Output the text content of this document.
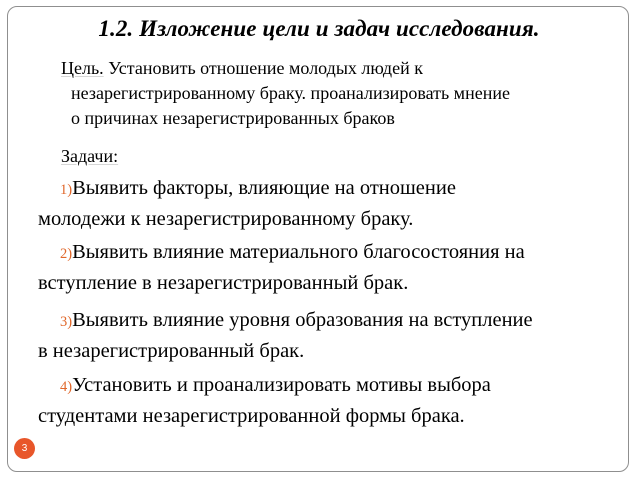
1.2. Изложение цели и задач исследования.
Цель. Установить отношение молодых людей к
незарегистрированному браку. проанализировать мнение
о причинах незарегистрированных браков
Задачи:
1)Выявить факторы, влияющие на отношение
молодежи к незарегистрированному браку.
2)Выявить влияние материального благосостояния на
вступление в незарегистрированный брак.
3)Выявить влияние уровня образования на вступление
в незарегистрированный брак.
4)Установить и проанализировать мотивы выбора
студентами незарегистрированной формы брака.
3
